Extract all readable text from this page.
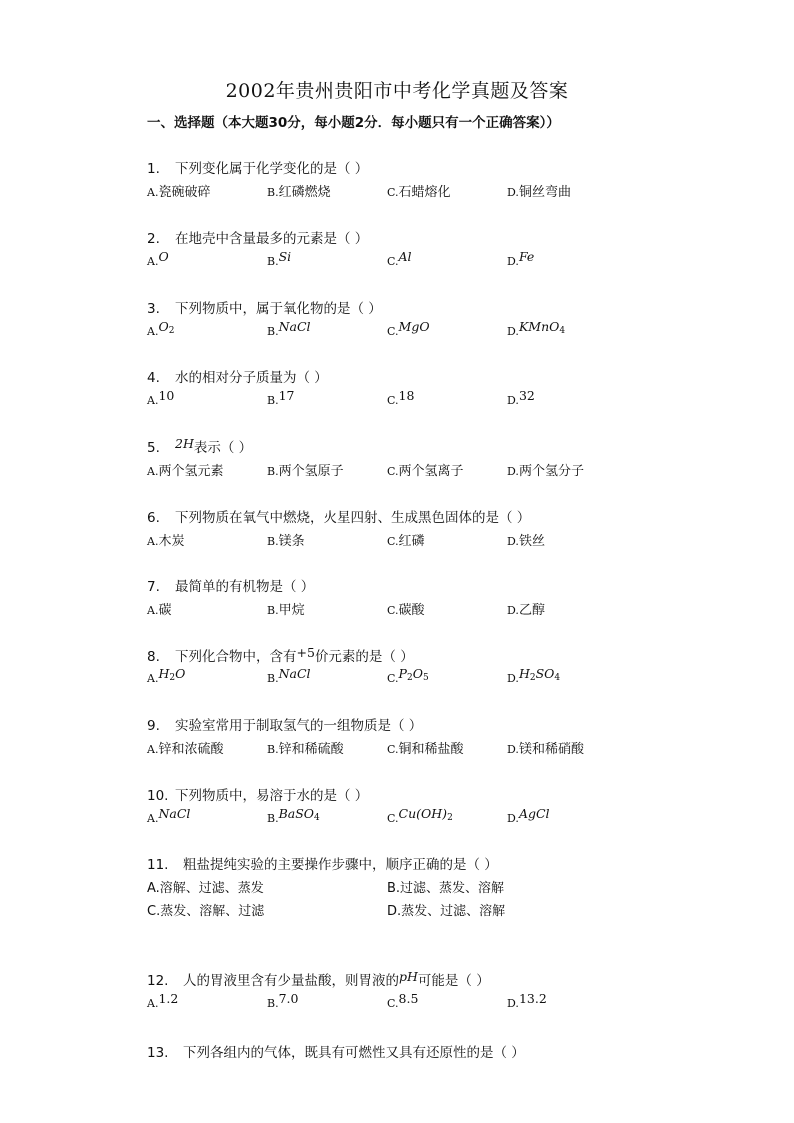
2002年贵州贵阳市中考化学真题及答案
一、选择题（本大题30分，每小题2分．每小题只有一个正确答案））
1. 下列变化属于化学变化的是（ ）
A.瓷碗破碎	B.红磷燃烧	C.石蜡熔化	D.铜丝弯曲
2. 在地壳中含量最多的元素是（ ）
A.O	B.Si	C.Al	D.Fe
3. 下列物质中，属于氧化物的是（ ）
$A.O_2$	B.NaCl	C.MgO	D.KMnO$_4$
4. 水的相对分子质量为（ ）
A.10	B.17	C.18	D.32
5. 2H表示（ ）
A.两个氢元素	B.两个氢原子	C.两个氢离子	D.两个氢分子
6. 下列物质在氧气中燃烧，火星四射、生成黑色固体的是（ ）
A.木炭	B.镁条	C.红磷	D.铁丝
7. 最简单的有机物是（ ）
A.碳	B.甲烷	C.碳酸	D.乙醇
8. 下列化合物中，含有+5价元素的是（ ）
$A.H_2O$	B.NaCl	$C.P_2O_5$	$D.H_2SO_4$
9. 实验室常用于制取氢气的一组物质是（ ）
A.锌和浓硫酸	B.锌和稀硫酸	C.铜和稀盐酸	D.镁和稀硝酸
10. 下列物质中，易溶于水的是（ ）
A.NaCl	B.BaSO$_4$	$C.Cu(OH)_2$	D.AgCl
11. 粗盐提纯实验的主要操作步骤中，顺序正确的是（ ）
A.溶解、过滤、蒸发	B.过滤、蒸发、溶解
C.蒸发、溶解、过滤	D.蒸发、过滤、溶解
12. 人的胃液里含有少量盐酸，则胃液的pH可能是（ ）
A.1.2	B.7.0	C.8.5	D.13.2
13. 下列各组内的气体，既具有可燃性又具有还原性的是（ ）
